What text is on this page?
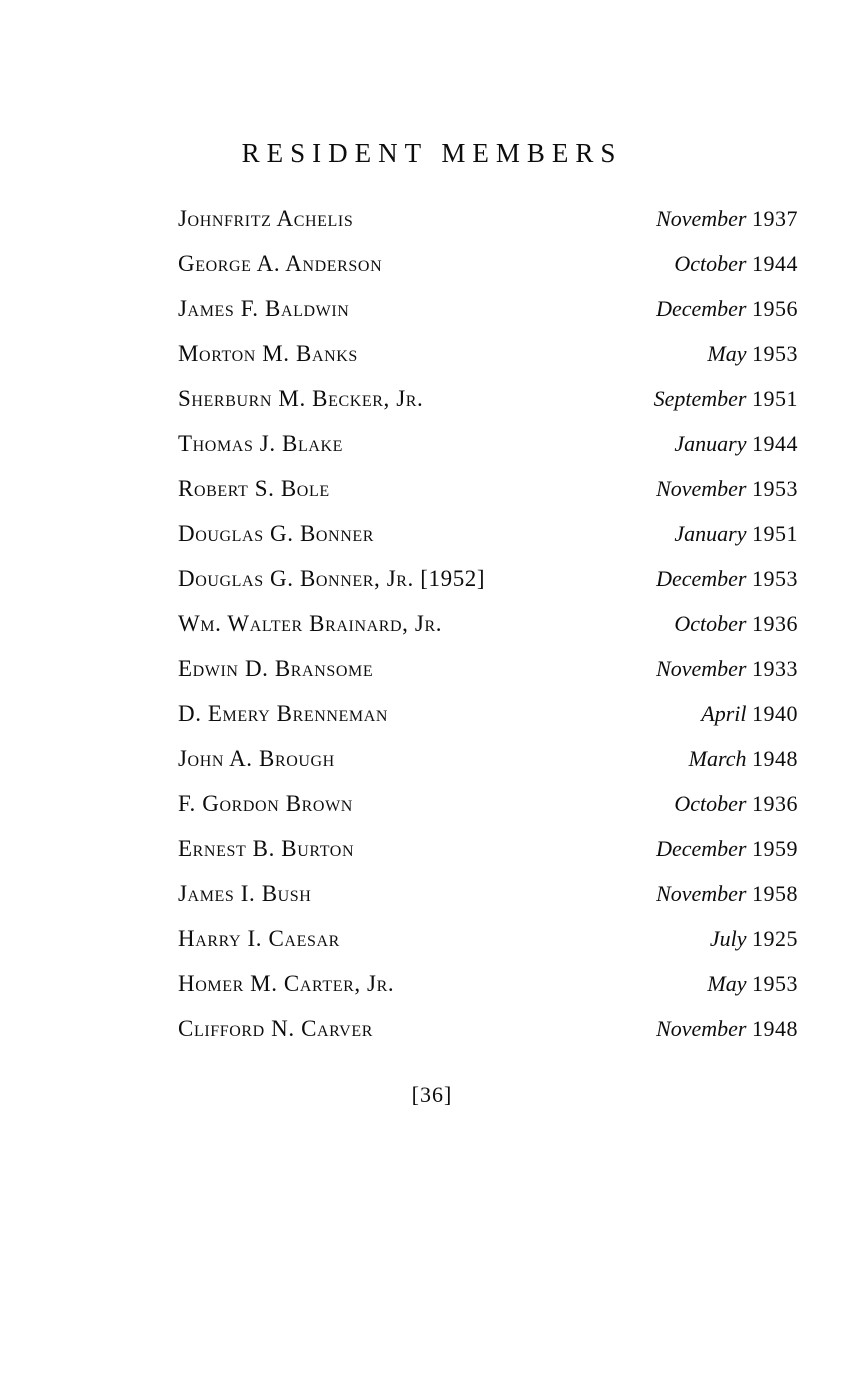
RESIDENT MEMBERS
Johnfritz Achelis	November 1937
George A. Anderson	October 1944
James F. Baldwin	December 1956
Morton M. Banks	May 1953
Sherburn M. Becker, Jr.	September 1951
Thomas J. Blake	January 1944
Robert S. Bole	November 1953
Douglas G. Bonner	January 1951
Douglas G. Bonner, Jr. [1952]	December 1953
Wm. Walter Brainard, Jr.	October 1936
Edwin D. Bransome	November 1933
D. Emery Brenneman	April 1940
John A. Brough	March 1948
F. Gordon Brown	October 1936
Ernest B. Burton	December 1959
James I. Bush	November 1958
Harry I. Caesar	July 1925
Homer M. Carter, Jr.	May 1953
Clifford N. Carver	November 1948
[36]
